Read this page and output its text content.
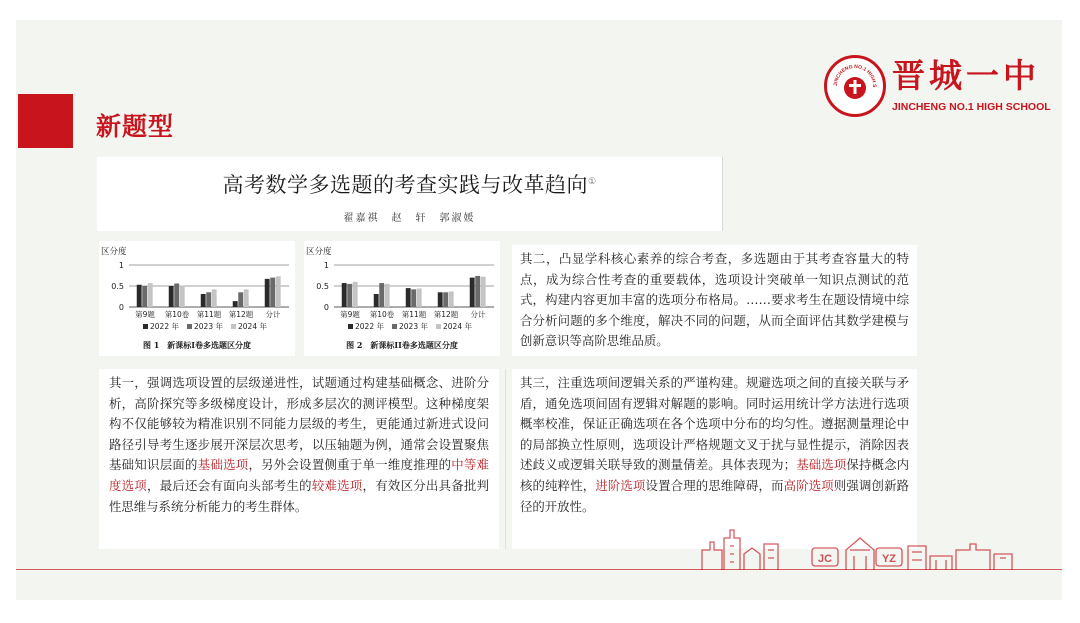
新题型
JINCHENG NO.1 HIGH S 晋城一中
JINCHENG NO.1 HIGH SCHOOL
高考数学多选题的考查实践与改革趋向①
翟嘉祺　赵　轩　郭淑媛
区分度
0
0.5
1
第9题 第10卷 第11题 第12题 分计
2022 年 2023 年 2024 年
图 1　新课标I卷多选题区分度
区分度
0
0.5
1
第9题 第10卷 第11题 第12题 分计
2022 年 2023 年 2024 年
图 2　新课标II卷多选题区分度
其二，凸显学科核心素养的综合考查，多选题由于其考查容量大的特点，成为综合性考查的重要载体，选项设计突破单一知识点测试的范式，构建内容更加丰富的选项分布格局。……要求考生在题设情境中综合分析问题的多个维度，解决不同的问题，从而全面评估其数学建模与创新意识等高阶思维品质。
其一，强调选项设置的层级递进性，试题通过构建基础概念、进阶分析，高阶探究等多级梯度设计，形成多层次的测评模型。这种梯度架构不仅能够较为精准识别不同能力层级的考生，更能通过新进式设问路径引导考生逐步展开深层次思考，以压轴题为例，通常会设置聚焦基础知识层面的基础选项，另外会设置侧重于单一维度推理的中等难度选项，最后还会有面向头部考生的较难选项，有效区分出具备批判性思维与系统分析能力的考生群体。
其三，注重选项间逻辑关系的严谨构建。规避选项之间的直接关联与矛盾，通免选项间固有逻辑对解题的影响。同时运用统计学方法进行选项概率校准，保证正确选项在各个选项中分布的均匀性。遵据测量理论中的局部换立性原则，选项设计严格规题文叉于扰与显性提示，消除因表述歧义或逻辑关联导致的测量倩差。具体表现为；基础选项保持概念内核的纯粹性，进阶选项设置合理的思维障碍，而高阶选项则强调创新路径的开放性。
JC	YZ
